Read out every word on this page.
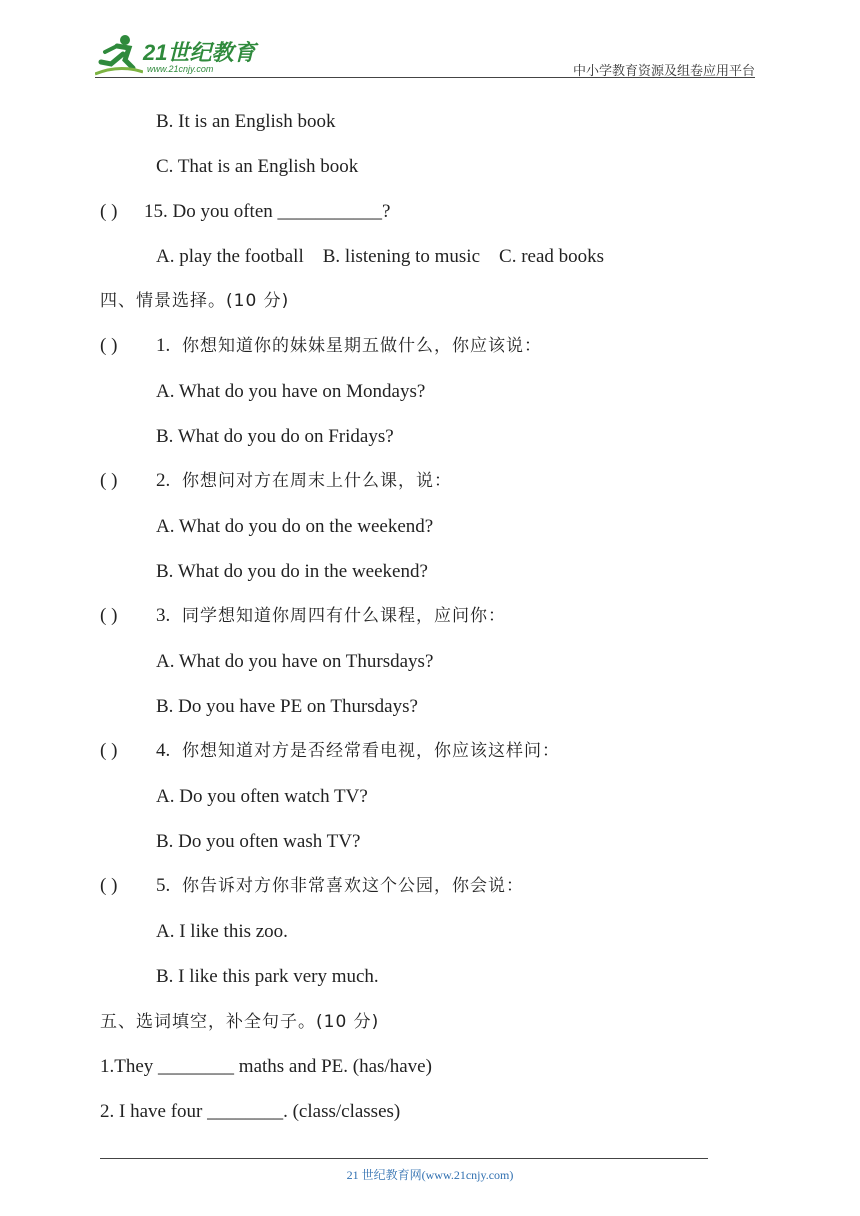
21世纪教育
www.21cnjy.com	中小学教育资源及组卷应用平台
B. It is an English book
C. That is an English book
( ) 15. Do you often ___________?
A. play the football    B. listening to music    C. read books
四、情景选择。(10 分)
( ) 1. 你想知道你的妹妹星期五做什么，你应该说：
A. What do you have on Mondays?
B. What do you do on Fridays?
( ) 2. 你想问对方在周末上什么课，说：
A. What do you do on the weekend?
B. What do you do in the weekend?
( ) 3. 同学想知道你周四有什么课程，应问你：
A. What do you have on Thursdays?
B. Do you have PE on Thursdays?
( ) 4. 你想知道对方是否经常看电视，你应该这样问：
A. Do you often watch TV?
B. Do you often wash TV?
( ) 5. 你告诉对方你非常喜欢这个公园，你会说：
A. I like this zoo.
B. I like this park very much.
五、选词填空，补全句子。(10 分)
1.They ________ maths and PE. (has/have)
2. I have four ________. (class/classes)
21 世纪教育网(www.21cnjy.com)
